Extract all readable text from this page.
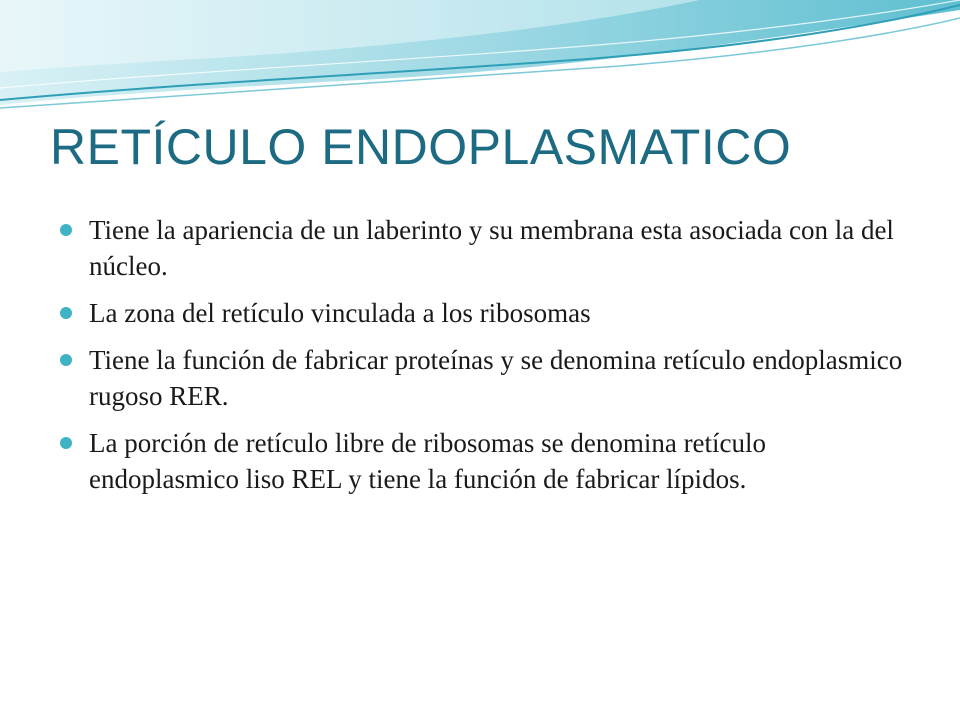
RETÍCULO ENDOPLASMATICO
Tiene la apariencia de un laberinto y su membrana esta asociada con la del núcleo.
La zona del retículo vinculada a los ribosomas
Tiene la función de fabricar proteínas y se denomina retículo endoplasmico rugoso RER.
La porción de retículo libre de ribosomas se denomina retículo endoplasmico liso REL y tiene la función de fabricar lípidos.
